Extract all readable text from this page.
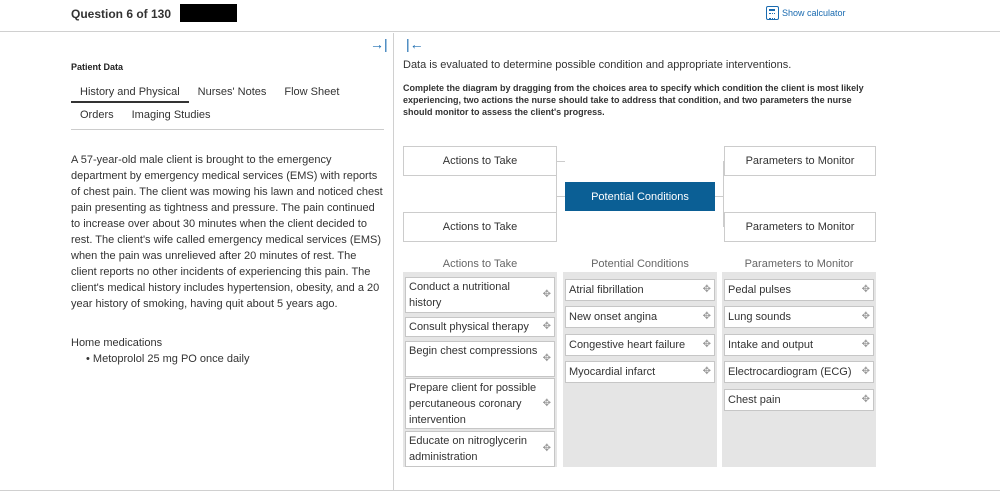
Question 6 of 130	Show calculator
→|
Patient Data
History and Physical	Nurses' Notes	Flow Sheet
Orders	Imaging Studies
A 57-year-old male client is brought to the emergency department by emergency medical services (EMS) with reports of chest pain. The client was mowing his lawn and noticed chest pain presenting as tightness and pressure. The pain continued to increase over about 30 minutes when the client decided to rest. The client's wife called emergency medical services (EMS) when the pain was unrelieved after 20 minutes of rest. The client reports no other incidents of experiencing this pain. The client's medical history includes hypertension, obesity, and a 20 year history of smoking, having quit about 5 years ago.
Home medications
• Metoprolol 25 mg PO once daily
|←
Data is evaluated to determine possible condition and appropriate interventions.
Complete the diagram by dragging from the choices area to specify which condition the client is most likely experiencing, two actions the nurse should take to address that condition, and two parameters the nurse should monitor to assess the client's progress.
Actions to Take
Actions to Take
Potential Conditions
Parameters to Monitor
Parameters to Monitor
Actions to Take	Potential Conditions	Parameters to Monitor
Conduct a nutritional history
✥
Consult physical therapy ✥
Begin chest compressions
✥
Prepare client for possible percutaneous coronary intervention
✥
Educate on nitroglycerin administration
✥
Atrial fibrillation	✥
New onset angina	✥
Congestive heart failure ✥
Myocardial infarct	✥
Pedal pulses	✥
Lung sounds	✥
Intake and output	✥
Electrocardiogram (ECG) ✥
Chest pain	✥
